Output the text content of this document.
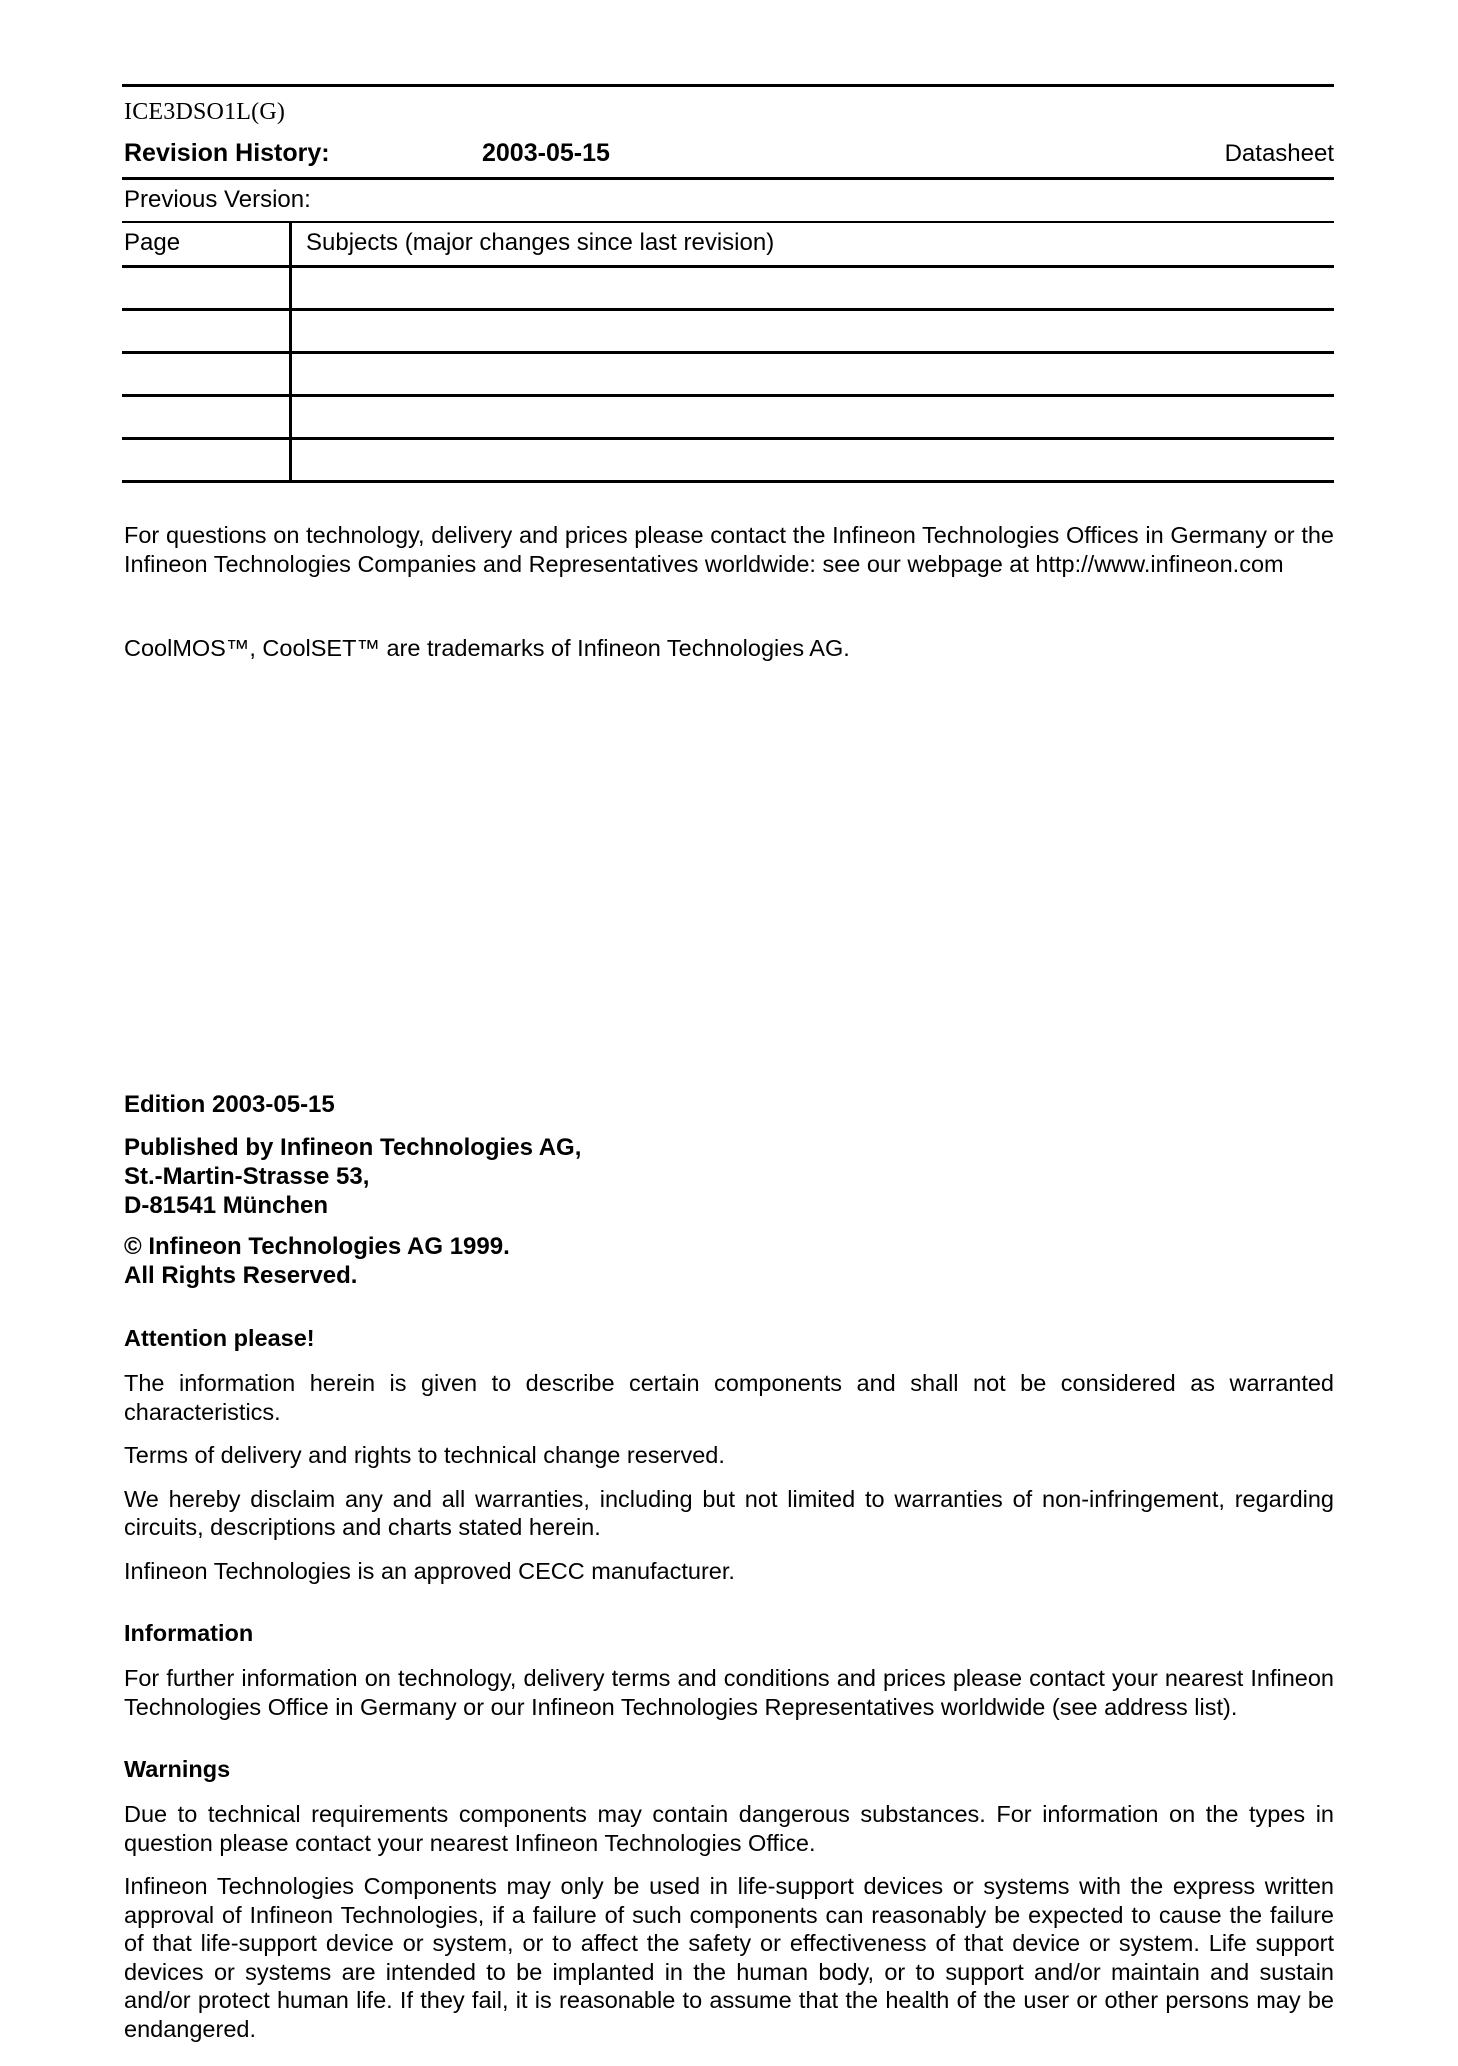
ICE3DSO1L(G)
Revision History:	2003-05-15	Datasheet
Previous Version:
Page	Subjects (major changes since last revision)

For questions on technology, delivery and prices please contact the Infineon Technologies Offices in Germany or the Infineon Technologies Companies and Representatives worldwide: see our webpage at http://www.infineon.com
CoolMOS™, CoolSET™ are trademarks of Infineon Technologies AG.
Edition 2003-05-15
Published by Infineon Technologies AG,
St.-Martin-Strasse 53,
D-81541 München
© Infineon Technologies AG 1999.
All Rights Reserved.
Attention please!
The information herein is given to describe certain components and shall not be considered as warranted characteristics.
Terms of delivery and rights to technical change reserved.
We hereby disclaim any and all warranties, including but not limited to warranties of non-infringement, regarding circuits, descriptions and charts stated herein.
Infineon Technologies is an approved CECC manufacturer.
Information
For further information on technology, delivery terms and conditions and prices please contact your nearest Infineon Technologies Office in Germany or our Infineon Technologies Representatives worldwide (see address list).
Warnings
Due to technical requirements components may contain dangerous substances. For information on the types in question please contact your nearest Infineon Technologies Office.
Infineon Technologies Components may only be used in life-support devices or systems with the express written approval of Infineon Technologies, if a failure of such components can reasonably be expected to cause the failure of that life-support device or system, or to affect the safety or effectiveness of that device or system. Life support devices or systems are intended to be implanted in the human body, or to support and/or maintain and sustain and/or protect human life. If they fail, it is reasonable to assume that the health of the user or other persons may be endangered.
